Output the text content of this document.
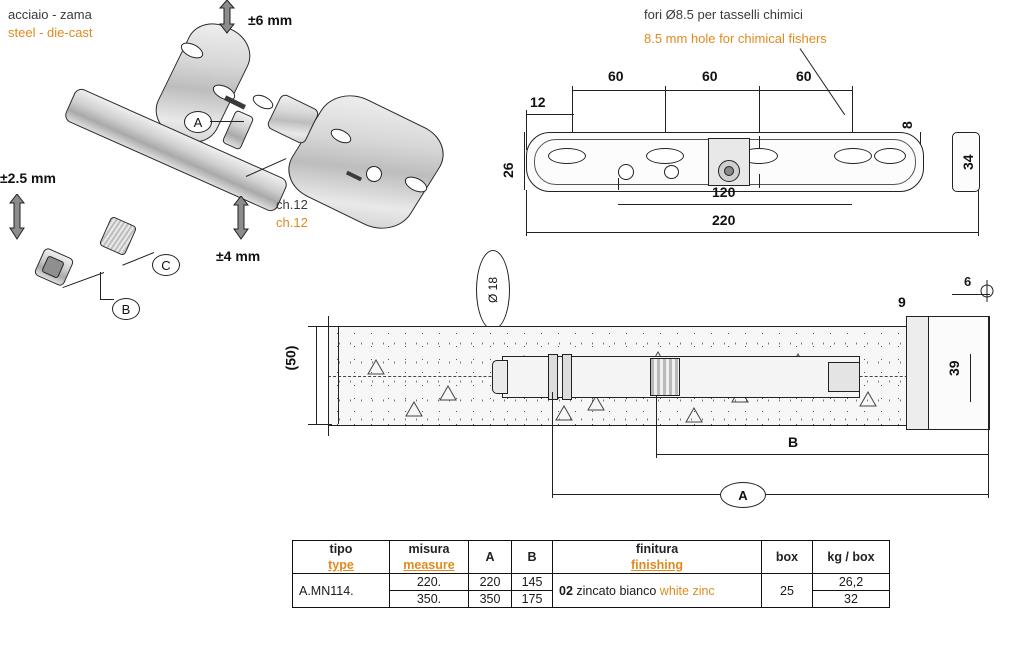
acciaio - zama
steel - die-cast
A
C
B
ch.12
ch.12
±6 mm
±2.5 mm
±4 mm
fori Ø8.5 per tasselli chimici
8.5 mm hole for chimical fishers
60	60	60
12
8
26
34
120
220
Ø 18
(50)
39
9
6
B
A
tipo	misura	A	B	finitura	box	kg / box
type	measure			finishing		
A.MN114.	220.	220	145	02 zincato bianco white zinc	25	26,2
	350.	350	175			32
